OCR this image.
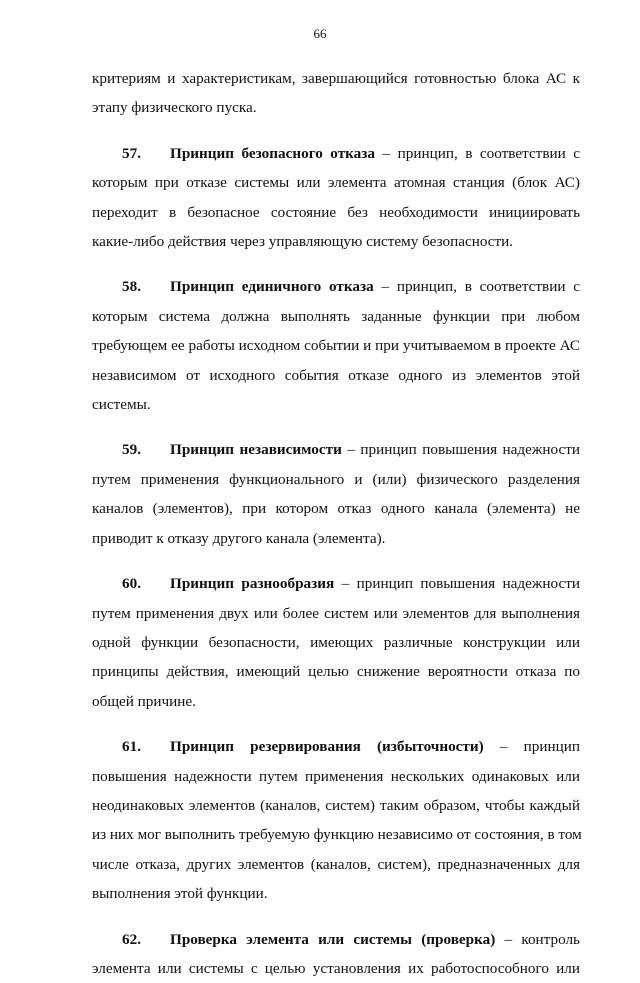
66

критериям и характеристикам, завершающийся готовностью блока АС к
этапу физического пуска.

57. Принцип безопасного отказа – принцип, в соответствии с
которым при отказе системы или элемента атомная станция (блок АС)
переходит в безопасное состояние без необходимости инициировать
какие-либо действия через управляющую систему безопасности.

58. Принцип единичного отказа – принцип, в соответствии с
которым система должна выполнять заданные функции при любом
требующем ее работы исходном событии и при учитываемом в проекте АС
независимом от исходного события отказе одного из элементов этой
системы.

59. Принцип независимости – принцип повышения надежности
путем применения функционального и (или) физического разделения
каналов (элементов), при котором отказ одного канала (элемента) не
приводит к отказу другого канала (элемента).

60. Принцип разнообразия – принцип повышения надежности
путем применения двух или более систем или элементов для выполнения
одной функции безопасности, имеющих различные конструкции или
принципы действия, имеющий целью снижение вероятности отказа по
общей причине.

61. Принцип резервирования (избыточности) – принцип
повышения надежности путем применения нескольких одинаковых или
неодинаковых элементов (каналов, систем) таким образом, чтобы каждый
из них мог выполнить требуемую функцию независимо от состояния, в том
числе отказа, других элементов (каналов, систем), предназначенных для
выполнения этой функции.

62. Проверка элемента или системы (проверка) – контроль
элемента или системы с целью установления их работоспособного или
